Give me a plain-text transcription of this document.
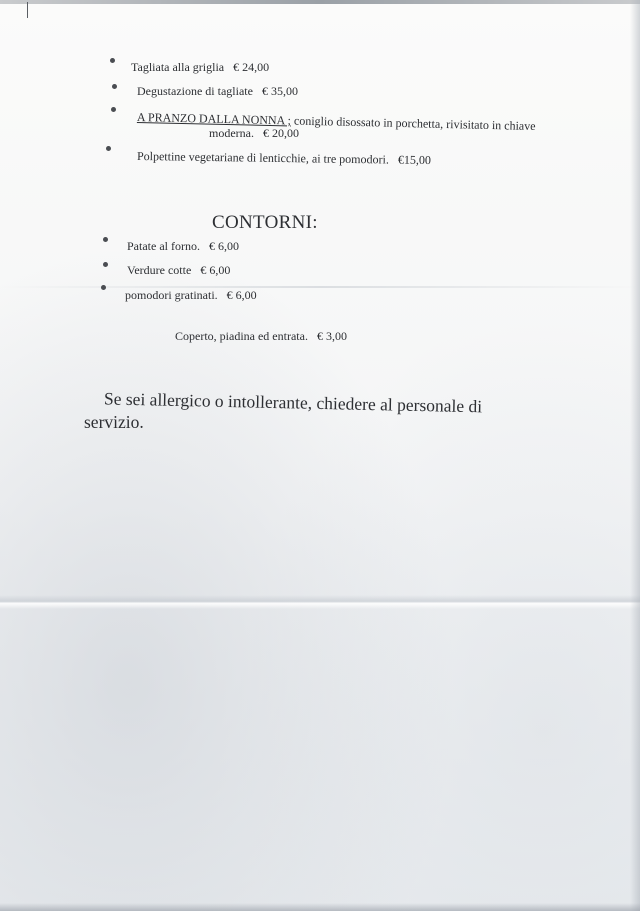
Tagliata alla griglia € 24,00
Degustazione di tagliate € 35,00
A PRANZO DALLA NONNA ; coniglio disossato in porchetta, rivisitato in chiave
moderna. € 20,00
Polpettine vegetariane di lenticchie, ai tre pomodori. €15,00
CONTORNI:
Patate al forno. € 6,00
Verdure cotte € 6,00
pomodori gratinati. € 6,00
Coperto, piadina ed entrata. € 3,00
Se sei allergico o intollerante, chiedere al personale di
servizio.
